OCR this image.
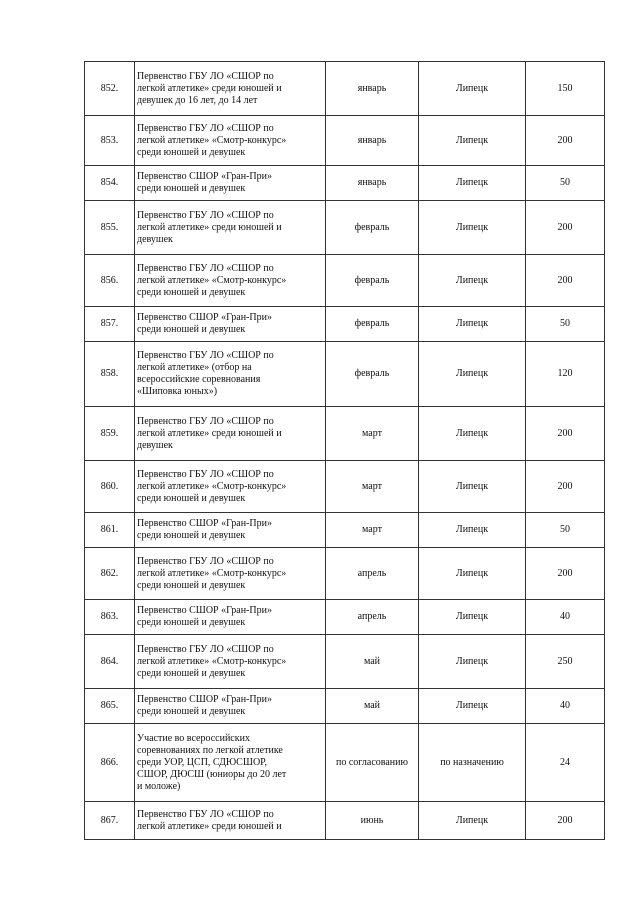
852.	Первенство ГБУ ЛО «СШОР по
легкой атлетике» среди юношей и
девушек до 16 лет, до 14 лет	январь	Липецк	150
853.	Первенство ГБУ ЛО «СШОР по
легкой атлетике» «Смотр-конкурс»
среди юношей и девушек	январь	Липецк	200
854.	Первенство СШОР «Гран-При»
среди юношей и девушек	январь	Липецк	50
855.	Первенство ГБУ ЛО «СШОР по
легкой атлетике» среди юношей и
девушек	февраль	Липецк	200
856.	Первенство ГБУ ЛО «СШОР по
легкой атлетике» «Смотр-конкурс»
среди юношей и девушек	февраль	Липецк	200
857.	Первенство СШОР «Гран-При»
среди юношей и девушек	февраль	Липецк	50
858.	Первенство ГБУ ЛО «СШОР по
легкой атлетике» (отбор на
всероссийские соревнования
«Шиповка юных»)	февраль	Липецк	120
859.	Первенство ГБУ ЛО «СШОР по
легкой атлетике» среди юношей и
девушек	март	Липецк	200
860.	Первенство ГБУ ЛО «СШОР по
легкой атлетике» «Смотр-конкурс»
среди юношей и девушек	март	Липецк	200
861.	Первенство СШОР «Гран-При»
среди юношей и девушек	март	Липецк	50
862.	Первенство ГБУ ЛО «СШОР по
легкой атлетике» «Смотр-конкурс»
среди юношей и девушек	апрель	Липецк	200
863.	Первенство СШОР «Гран-При»
среди юношей и девушек	апрель	Липецк	40
864.	Первенство ГБУ ЛО «СШОР по
легкой атлетике» «Смотр-конкурс»
среди юношей и девушек	май	Липецк	250
865.	Первенство СШОР «Гран-При»
среди юношей и девушек	май	Липецк	40
866.	Участие во всероссийских
соревнованиях по легкой атлетике
среди УОР, ЦСП, СДЮСШОР,
СШОР, ДЮСШ (юниоры до 20 лет
и моложе)	по согласованию	по назначению	24
867.	Первенство ГБУ ЛО «СШОР по
легкой атлетике» среди юношей и	июнь	Липецк	200
